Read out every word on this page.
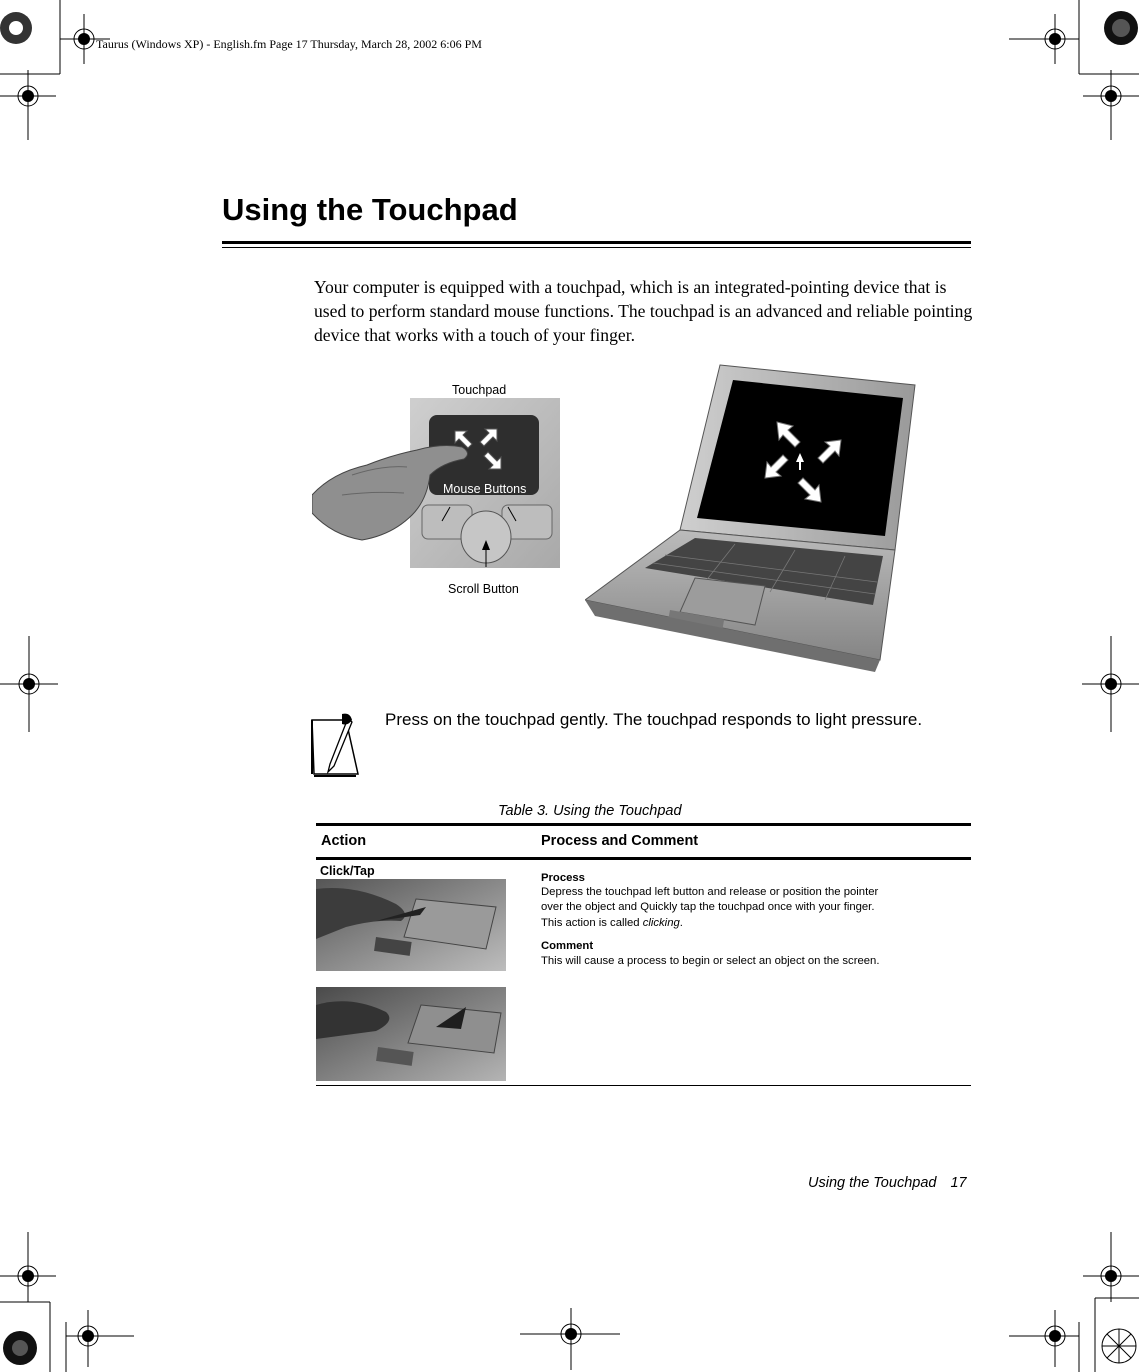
Taurus (Windows XP) - English.fm Page 17 Thursday, March 28, 2002 6:06 PM
Using the Touchpad
Your computer is equipped with a touchpad, which is an integrated-pointing device that is used to perform standard mouse functions. The touchpad is an advanced and reliable pointing device that works with a touch of your finger.
Touchpad
Mouse Buttons
Scroll Button
Press on the touchpad gently. The touchpad responds to light pressure.
Table 3. Using the Touchpad
Action	Process and Comment
Click/Tap	Process
Depress the touchpad left button and release or position the pointer
over the object and Quickly tap the touchpad once with your finger.
This action is called clicking.
Comment
This will cause a process to begin or select an object on the screen.
Using the Touchpad 17
